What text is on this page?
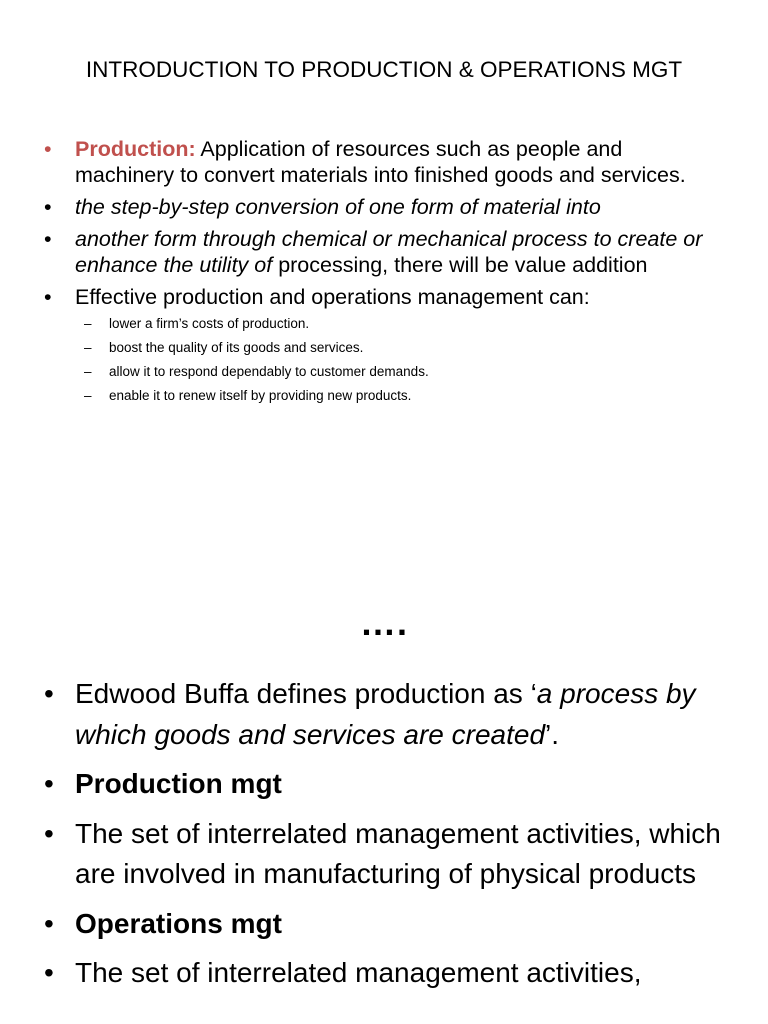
INTRODUCTION TO PRODUCTION & OPERATIONS MGT
•	Production: Application of resources such as people and machinery to convert materials into finished goods and services.
•	the step-by-step conversion of one form of material into
•	another form through chemical or mechanical process to create or enhance the utility of processing, there will be value addition
•	Effective production and operations management can:
– lower a firm’s costs of production.
– boost the quality of its goods and services.
– allow it to respond dependably to customer demands.
– enable it to renew itself by providing new products.
….
• Edwood Buffa defines production as ‘a process by which goods and services are created’.
• Production mgt
• The set of interrelated management activities, which are involved in manufacturing of physical products
• Operations mgt
• The set of interrelated management activities,
